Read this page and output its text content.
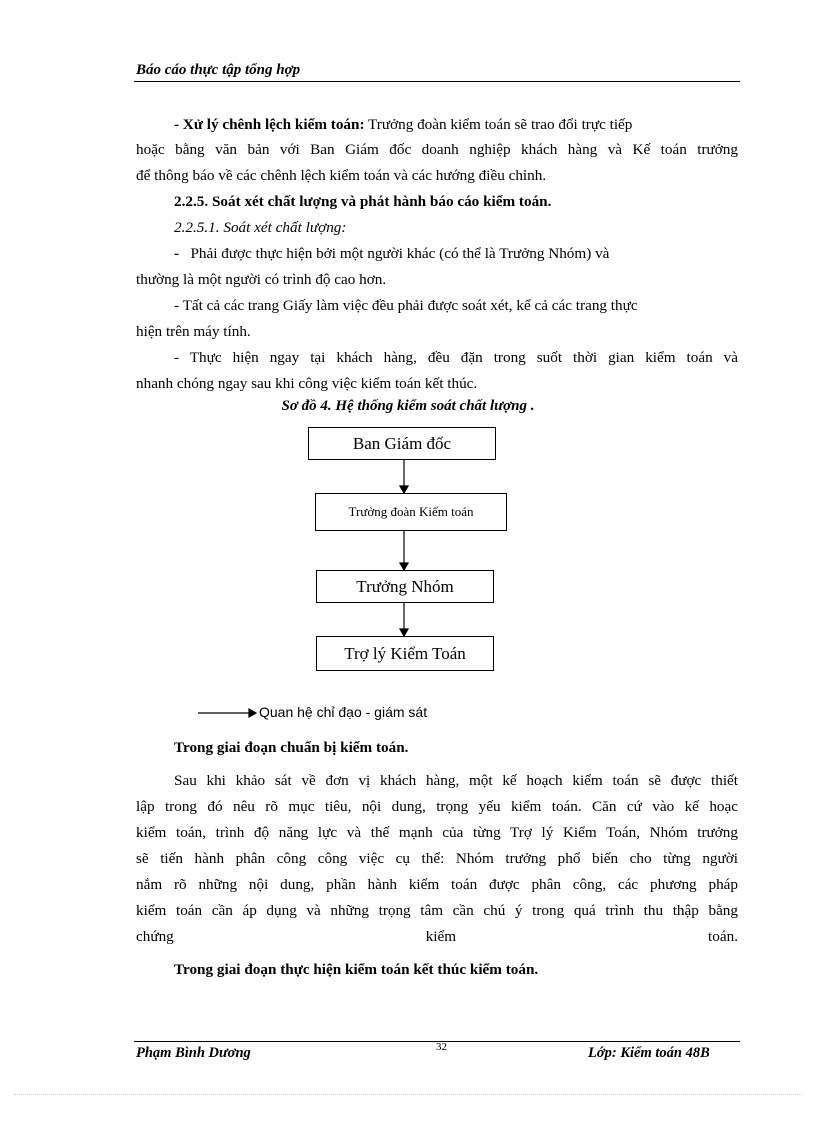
Báo cáo thực tập tổng hợp
- Xử lý chênh lệch kiểm toán: Trưởng đoàn kiểm toán sẽ trao đổi trực tiếp
hoặc bằng văn bản với Ban Giám đốc doanh nghiệp khách hàng và Kế toán trưởng
để thông báo về các chênh lệch kiểm toán và các hướng điều chỉnh.
2.2.5. Soát xét chất lượng và phát hành báo cáo kiểm toán.
2.2.5.1. Soát xét chất lượng:
- Phải được thực hiện bởi một người khác (có thể là Trưởng Nhóm) và
thường là một người có trình độ cao hơn.
- Tất cả các trang Giấy làm việc đều phải được soát xét, kể cả các trang thực
hiện trên máy tính.
- Thực hiện ngay tại khách hàng, đều đặn trong suốt thời gian kiểm toán và
nhanh chóng ngay sau khi công việc kiểm toán kết thúc.
Sơ đồ 4. Hệ thống kiểm soát chất lượng .
Ban Giám đốc
Trưởng đoàn Kiểm toán
Trưởng Nhóm
Trợ lý Kiểm Toán
Quan hệ chỉ đạo - giám sát
Trong giai đoạn chuẩn bị kiểm toán.
Sau khi khảo sát về đơn vị khách hàng, một kế hoạch kiểm toán sẽ được thiết
lập trong đó nêu rõ mục tiêu, nội dung, trọng yếu kiểm toán. Căn cứ vào kế hoạc
kiểm toán, trình độ năng lực và thế mạnh của từng Trợ lý Kiểm Toán, Nhóm trưởng
sẽ tiến hành phân công công việc cụ thể: Nhóm trưởng phổ biến cho từng người
nắm rõ những nội dung, phần hành kiểm toán được phân công, các phương pháp
kiểm toán cần áp dụng và những trọng tâm cần chú ý trong quá trình thu thập bằng
chứng kiểm toán.
Trong giai đoạn thực hiện kiểm toán kết thúc kiểm toán.
Phạm Bình Dương	32	Lớp: Kiểm toán 48B
